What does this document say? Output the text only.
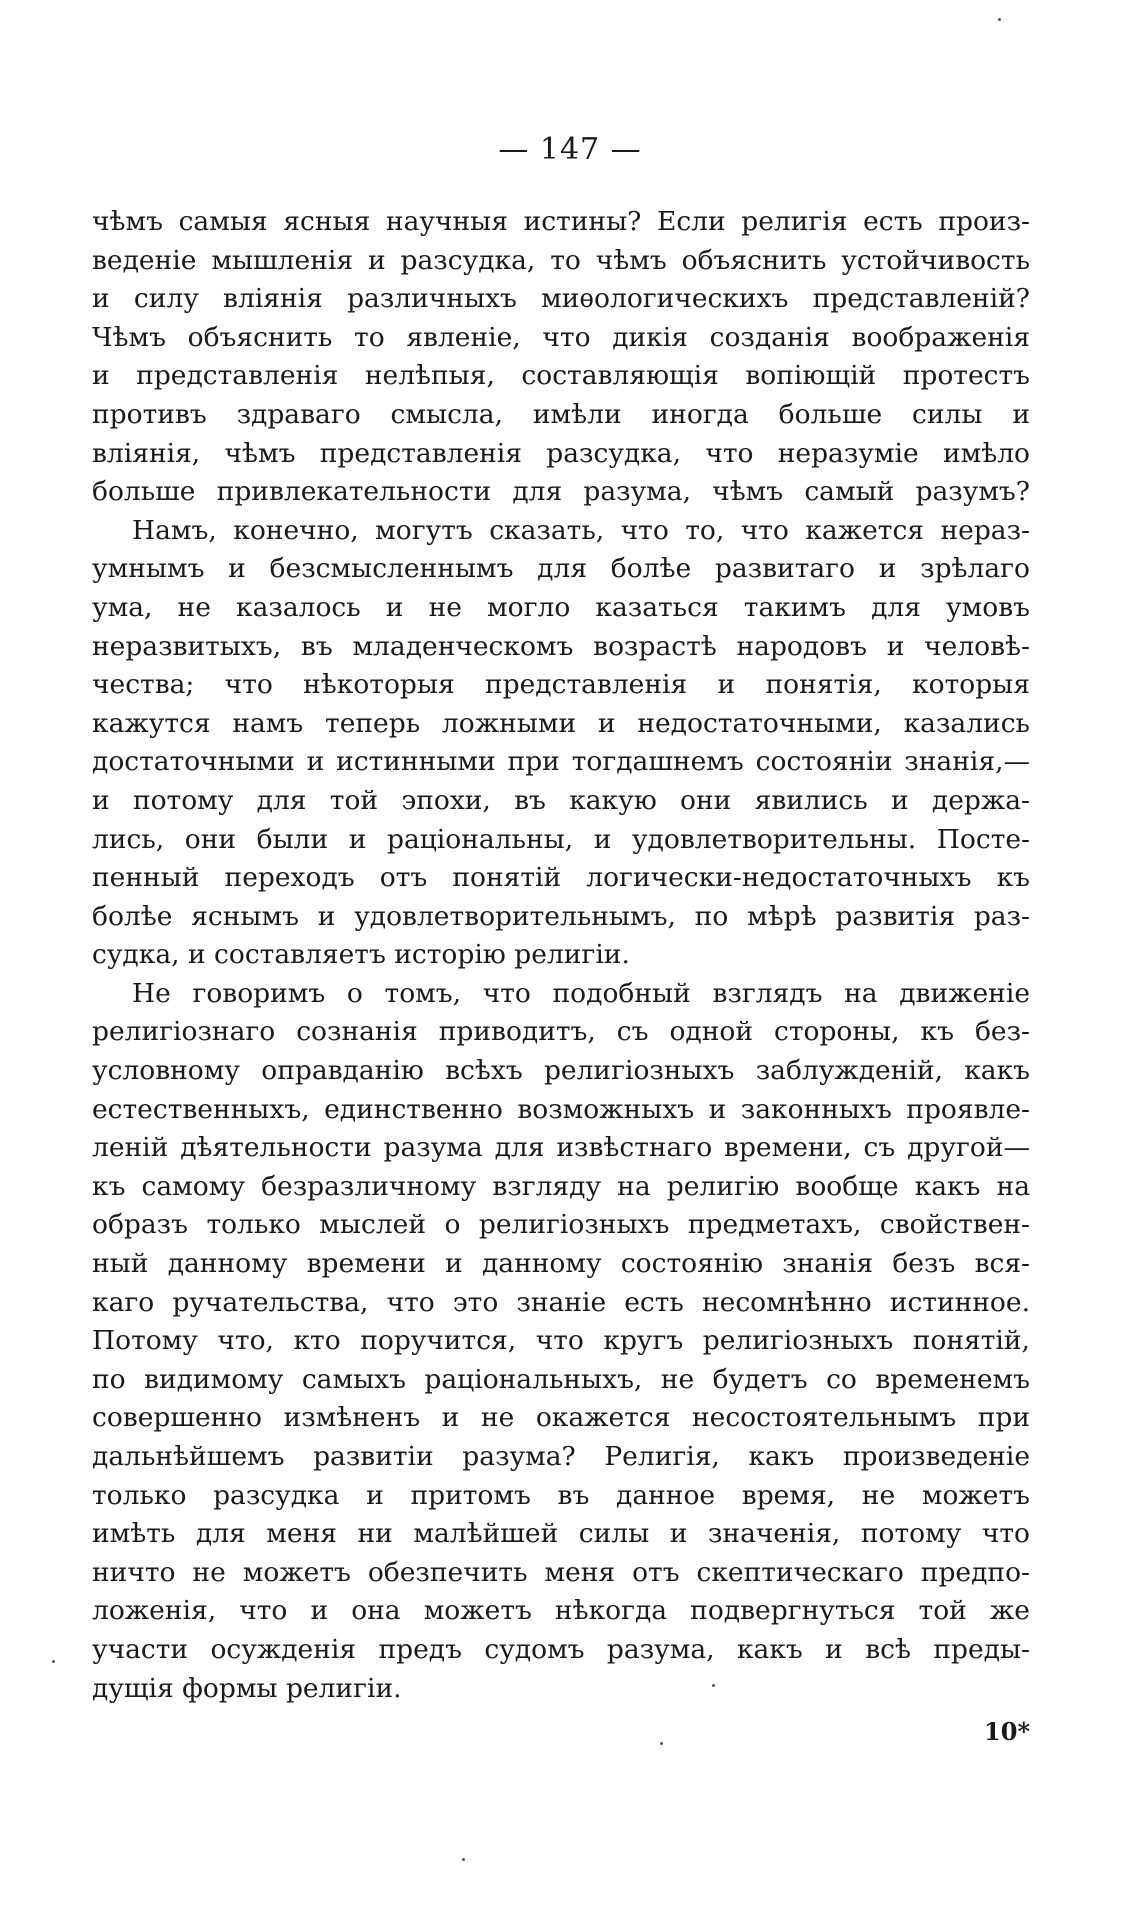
— 147 —
чѣмъ самыя ясныя научныя истины? Если религія есть произ-
веденіе мышленія и разсудка, то чѣмъ объяснить устойчивость
и силу вліянія различныхъ миѳологическихъ представленій?
Чѣмъ объяснить то явленіе, что дикія созданія воображенія
и представленія нелѣпыя, составляющія вопіющій протестъ
противъ здраваго смысла, имѣли иногда больше силы и
вліянія, чѣмъ представленія разсудка, что неразуміе имѣло
больше привлекательности для разума, чѣмъ самый разумъ?
Намъ, конечно, могутъ сказать, что то, что кажется нераз-
умнымъ и безсмысленнымъ для болѣе развитаго и зрѣлаго
ума, не казалось и не могло казаться такимъ для умовъ
неразвитыхъ, въ младенческомъ возрастѣ народовъ и человѣ-
чества; что нѣкоторыя представленія и понятія, которыя
кажутся намъ теперь ложными и недостаточными, казались
достаточными и истинными при тогдашнемъ состояніи знанія,—
и потому для той эпохи, въ какую они явились и держа-
лись, они были и раціональны, и удовлетворительны. Посте-
пенный переходъ отъ понятій логически-недостаточныхъ къ
болѣе яснымъ и удовлетворительнымъ, по мѣрѣ развитія раз-
судка, и составляетъ исторію религіи.
Не говоримъ о томъ, что подобный взглядъ на движеніе
религіознаго сознанія приводитъ, съ одной стороны, къ без-
условному оправданію всѣхъ религіозныхъ заблужденій, какъ
естественныхъ, единственно возможныхъ и законныхъ проявле-
леній дѣятельности разума для извѣстнаго времени, съ другой—
къ самому безразличному взгляду на религію вообще какъ на
образъ только мыслей о религіозныхъ предметахъ, свойствен-
ный данному времени и данному состоянію знанія безъ вся-
каго ручательства, что это знаніе есть несомнѣнно истинное.
Потому что, кто поручится, что кругъ религіозныхъ понятій,
по видимому самыхъ раціональныхъ, не будетъ со временемъ
совершенно измѣненъ и не окажется несостоятельнымъ при
дальнѣйшемъ развитіи разума? Религія, какъ произведеніе
только разсудка и притомъ въ данное время, не можетъ
имѣть для меня ни малѣйшей силы и значенія, потому что
ничто не можетъ обезпечить меня отъ скептическаго предпо-
ложенія, что и она можетъ нѣкогда подвергнуться той же
участи осужденія предъ судомъ разума, какъ и всѣ преды-
дущія формы религіи.
10*
